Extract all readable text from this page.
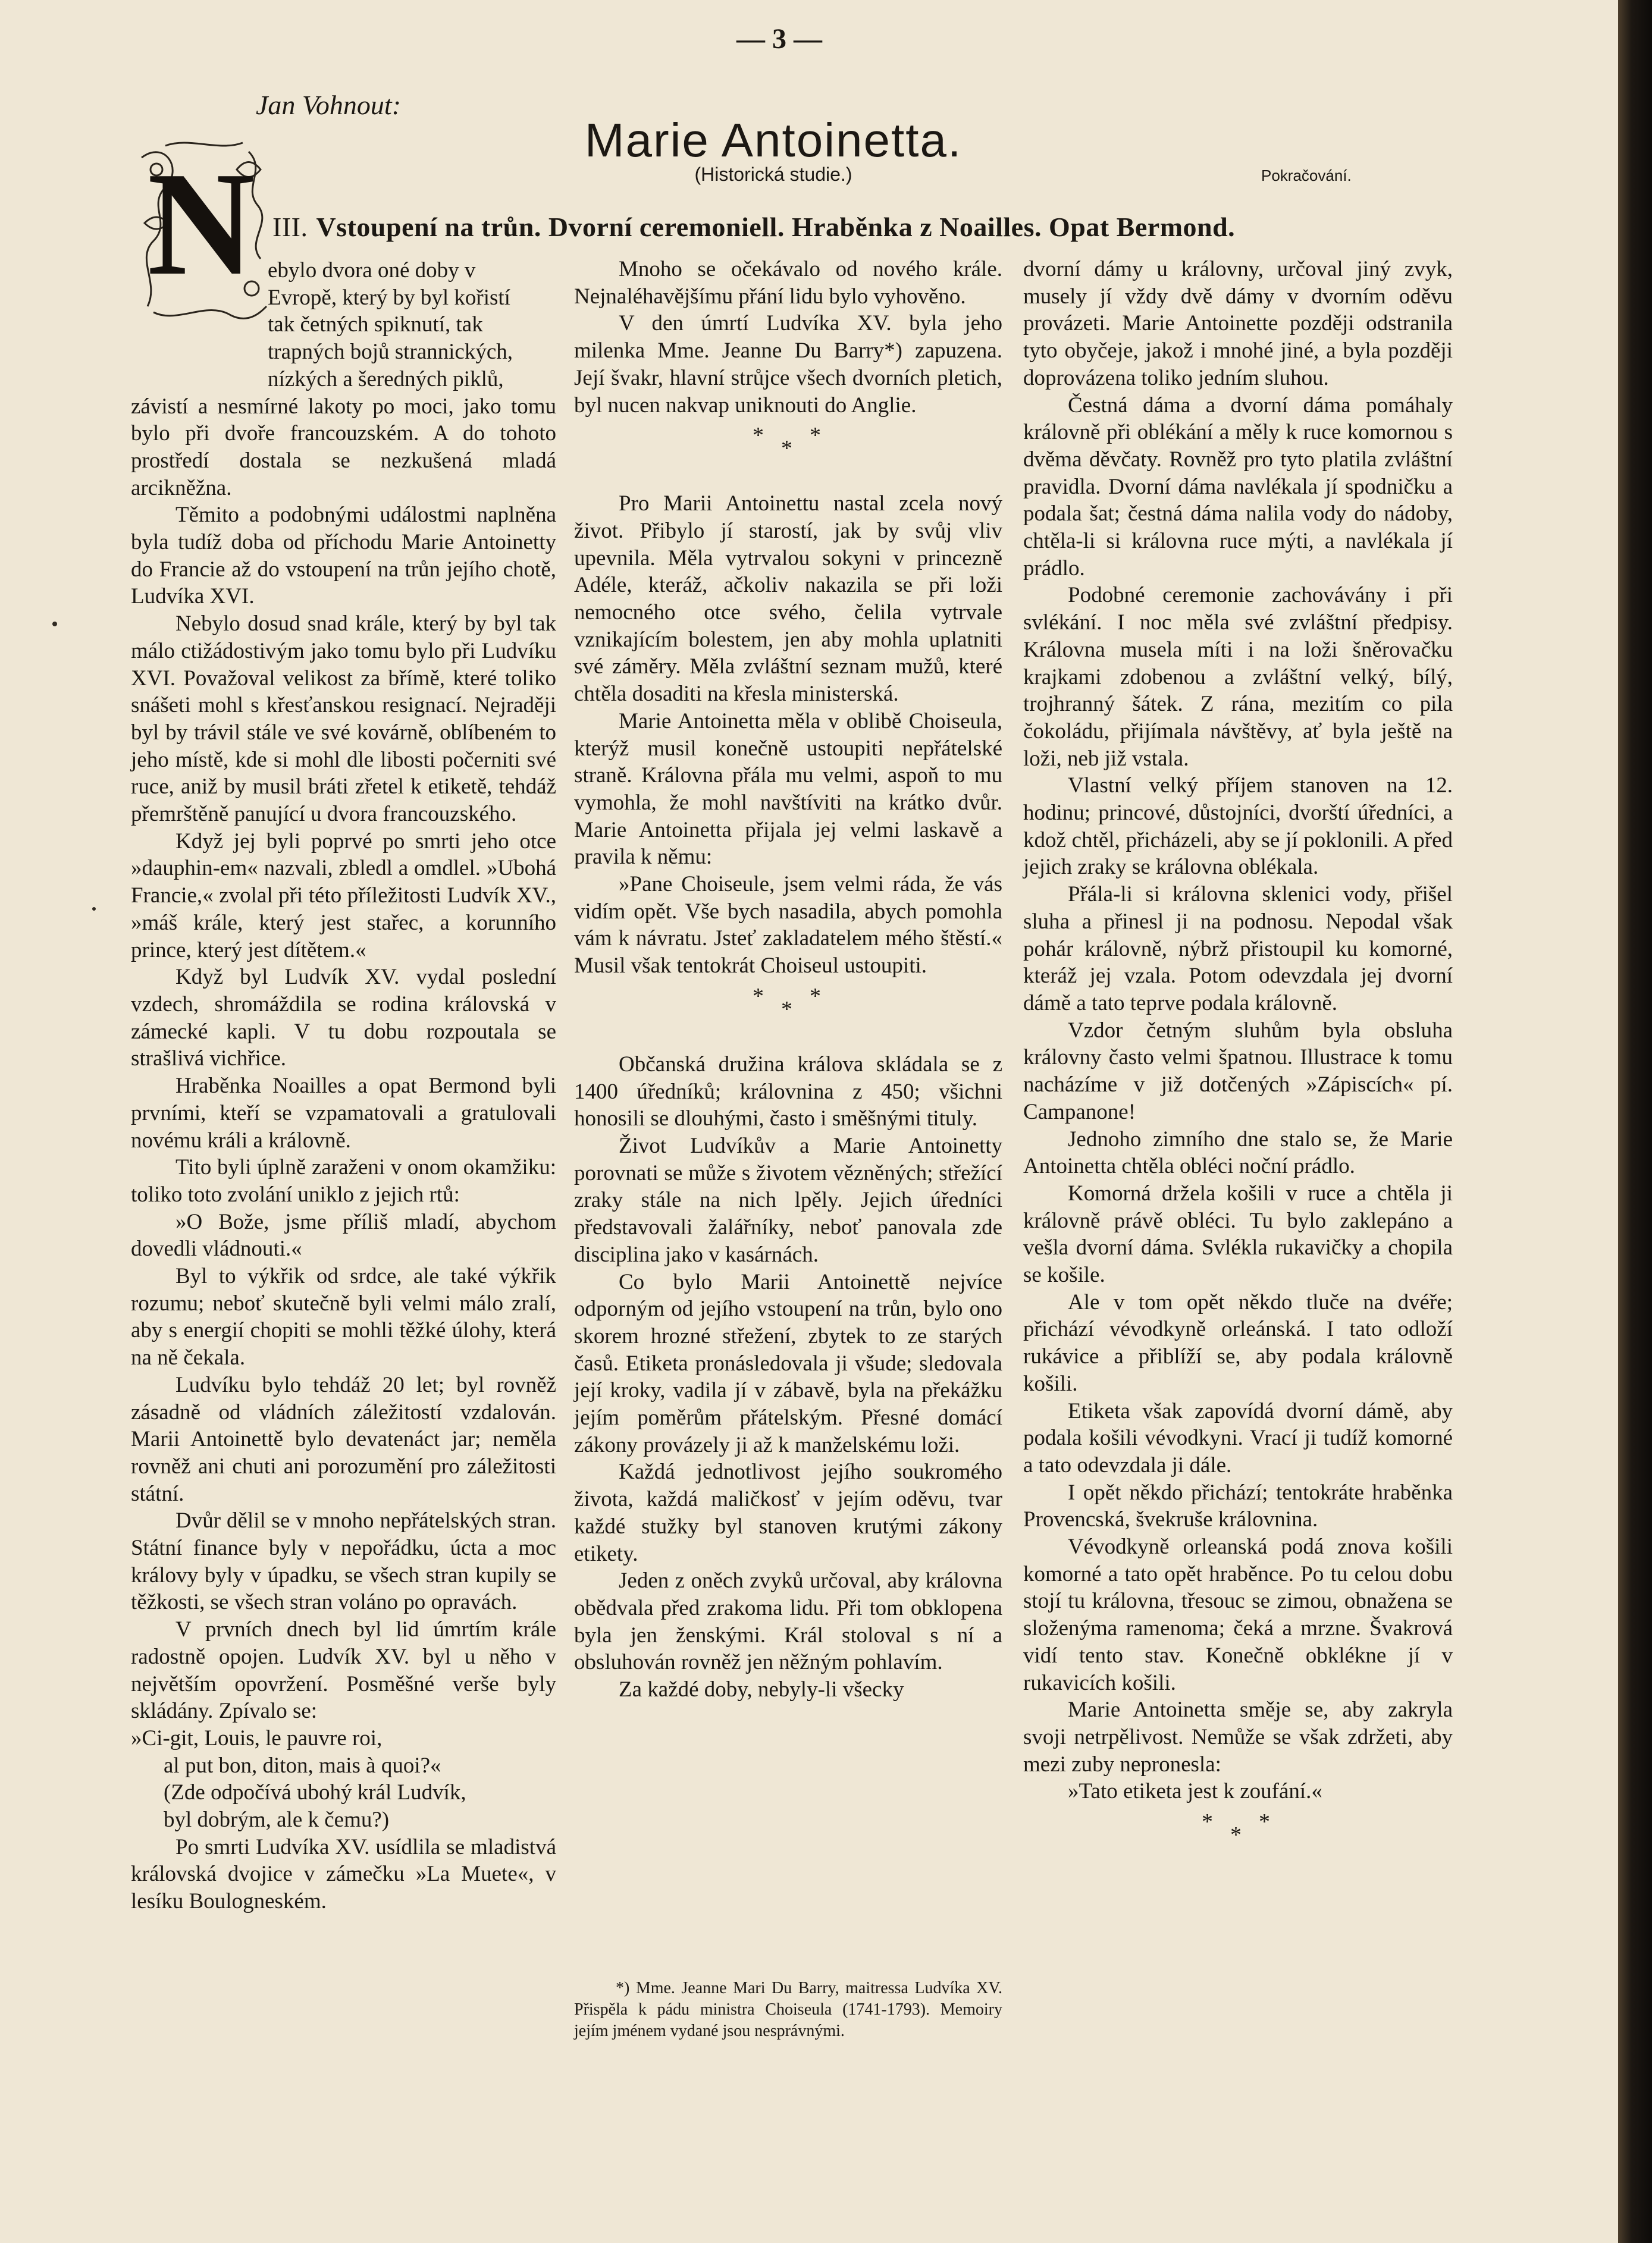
— 3 —
Jan Vohnout:
Marie Antoinetta.
(Historická studie.)	Pokračování.
III. Vstoupení na trůn. Dvorní ceremoniell. Hraběnka z Noailles. Opat Bermond.
N ebylo dvora oné doby v

Evropě, který by byl kořistí

tak četných spiknutí, tak

trapných bojů strannických,

nízkých a šeredných piklů,

závistí a nesmírné lakoty po moci, jako tomu bylo při dvoře francouzském. A do tohoto prostředí dostala se nezkušená mladá arcikněžna.

Těmito a podobnými událostmi naplněna byla tudíž doba od příchodu Marie Antoinetty do Francie až do vstoupení na trůn jejího chotě, Ludvíka XVI.

Nebylo dosud snad krále, který by byl tak málo ctižádostivým jako tomu bylo při Ludvíku XVI. Považoval velikost za břímě, které toliko snášeti mohl s křesťanskou resignací. Nejraději byl by trávil stále ve své kovárně, oblíbeném to jeho místě, kde si mohl dle libosti počerniti své ruce, aniž by musil bráti zřetel k etiketě, tehdáž přemrštěně panující u dvora francouzského.

Když jej byli poprvé po smrti jeho otce »dauphin-em« nazvali, zbledl a omdlel. »Ubohá Francie,« zvolal při této příležitosti Ludvík XV., »máš krále, který jest stařec, a korunního prince, který jest dítětem.«

Když byl Ludvík XV. vydal poslední vzdech, shromáždila se rodina královská v zámecké kapli. V tu dobu rozpoutala se strašlivá vichřice.

Hraběnka Noailles a opat Bermond byli prvními, kteří se vzpamatovali a gratulovali novému králi a královně.

Tito byli úplně zaraženi v onom okamžiku: toliko toto zvolání uniklo z jejich rtů:

»O Bože, jsme příliš mladí, abychom dovedli vládnouti.«

Byl to výkřik od srdce, ale také výkřik rozumu; neboť skutečně byli velmi málo zralí, aby s energií chopiti se mohli těžké úlohy, která na ně čekala.

Ludvíku bylo tehdáž 20 let; byl rovněž zásadně od vládních záležitostí vzdalován. Marii Antoinettě bylo devatenáct jar; neměla rovněž ani chuti ani porozumění pro záležitosti státní.

Dvůr dělil se v mnoho nepřátelských stran. Státní finance byly v nepořádku, úcta a moc královy byly v úpadku, se všech stran kupily se těžkosti, se všech stran voláno po opravách.

V prvních dnech byl lid úmrtím krále radostně opojen. Ludvík XV. byl u něho v největším opovržení. Posměšné verše byly skládány. Zpívalo se:

»Ci-git, Louis, le pauvre roi,

al put bon, diton, mais à quoi?«

(Zde odpočívá ubohý král Ludvík,

byl dobrým, ale k čemu?)

Po smrti Ludvíka XV. usídlila se mladistvá královská dvojice v zámečku »La Muete«, v lesíku Boulogneském.

Mnoho se očekávalo od nového krále. Nejnaléhavějšímu přání lidu bylo vyhověno.

V den úmrtí Ludvíka XV. byla jeho milenka Mme. Jeanne Du Barry*) zapuzena. Její švakr, hlavní strůjce všech dvorních pletich, byl nucen nakvap uniknouti do Anglie.

*
*
*

Pro Marii Antoinettu nastal zcela nový život. Přibylo jí starostí, jak by svůj vliv upevnila. Měla vytrvalou sokyni v princezně Adéle, kteráž, ačkoliv nakazila se při loži nemocného otce svého, čelila vytrvale vznikajícím bolestem, jen aby mohla uplatniti své záměry. Měla zvláštní seznam mužů, které chtěla dosaditi na křesla ministerská.

Marie Antoinetta měla v oblibě Choiseula, kterýž musil konečně ustoupiti nepřátelské straně. Královna přála mu velmi, aspoň to mu vymohla, že mohl navštíviti na krátko dvůr. Marie Antoinetta přijala jej velmi laskavě a pravila k němu:

»Pane Choiseule, jsem velmi ráda, že vás vidím opět. Vše bych nasadila, abych pomohla vám k návratu. Jsteť zakladatelem mého štěstí.« Musil však tentokrát Choiseul ustoupiti.

*
*
*

Občanská družina králova skládala se z 1400 úředníků; královnina z 450; všichni honosili se dlouhými, často i směšnými tituly.

Život Ludvíkův a Marie Antoinetty porovnati se může s životem vězněných; střežící zraky stále na nich lpěly. Jejich úředníci představovali žalářníky, neboť panovala zde disciplina jako v kasárnách.

Co bylo Marii Antoinettě nejvíce odporným od jejího vstoupení na trůn, bylo ono skorem hrozné střežení, zbytek to ze starých časů. Etiketa pronásledovala ji všude; sledovala její kroky, vadila jí v zábavě, byla na překážku jejím poměrům přátelským. Přesné domácí zákony provázely ji až k manželskému loži.

Každá jednotlivost jejího soukromého života, každá maličkosť v jejím oděvu, tvar každé stužky byl stanoven krutými zákony etikety.

Jeden z oněch zvyků určoval, aby královna obědvala před zrakoma lidu. Při tom obklopena byla jen ženskými. Král stoloval s ní a obsluhován rovněž jen něžným pohlavím.

Za každé doby, nebyly-li všecky

*) Mme. Jeanne Mari Du Barry, maitressa Ludvíka XV. Přispěla k pádu ministra Choiseula (1741-1793). Memoiry jejím jménem vydané jsou nesprávnými.

dvorní dámy u královny, určoval jiný zvyk, musely jí vždy dvě dámy v dvorním oděvu provázeti. Marie Antoinette později odstranila tyto obyčeje, jakož i mnohé jiné, a byla později doprovázena toliko jedním sluhou.

Čestná dáma a dvorní dáma pomáhaly královně při oblékání a měly k ruce komornou s dvěma děvčaty. Rovněž pro tyto platila zvláštní pravidla. Dvorní dáma navlékala jí spodničku a podala šat; čestná dáma nalila vody do nádoby, chtěla-li si královna ruce mýti, a navlékala jí prádlo.

Podobné ceremonie zachovávány i při svlékání. I noc měla své zvláštní předpisy. Královna musela míti i na loži šněrovačku krajkami zdobenou a zvláštní velký, bílý, trojhranný šátek. Z rána, mezitím co pila čokoládu, přijímala návštěvy, ať byla ještě na loži, neb již vstala.

Vlastní velký příjem stanoven na 12. hodinu; princové, důstojníci, dvorští úředníci, a kdož chtěl, přicházeli, aby se jí poklonili. A před jejich zraky se královna oblékala.

Přála-li si královna sklenici vody, přišel sluha a přinesl ji na podnosu. Nepodal však pohár královně, nýbrž přistoupil ku komorné, kteráž jej vzala. Potom odevzdala jej dvorní dámě a tato teprve podala královně.

Vzdor četným sluhům byla obsluha královny často velmi špatnou. Illustrace k tomu nacházíme v již dotčených »Zápiscích« pí. Campanone!

Jednoho zimního dne stalo se, že Marie Antoinetta chtěla obléci noční prádlo.

Komorná držela košili v ruce a chtěla ji královně právě obléci. Tu bylo zaklepáno a vešla dvorní dáma. Svlékla rukavičky a chopila se košile.

Ale v tom opět někdo tluče na dvéře; přichází vévodkyně orleánská. I tato odloží rukávice a přiblíží se, aby podala královně košili.

Etiketa však zapovídá dvorní dámě, aby podala košili vévodkyni. Vrací ji tudíž komorné a tato odevzdala ji dále.

I opět někdo přichází; tentokráte hraběnka Provencská, švekruše královnina.

Vévodkyně orleanská podá znova košili komorné a tato opět hraběnce. Po tu celou dobu stojí tu královna, třesouc se zimou, obnažena se složenýma ramenoma; čeká a mrzne. Švakrová vidí tento stav. Konečně obklékne jí v rukavicích košili.

Marie Antoinetta směje se, aby zakryla svoji netrpělivost. Nemůže se však zdržeti, aby mezi zuby nepronesla:

»Tato etiketa jest k zoufání.«

*
*
*
